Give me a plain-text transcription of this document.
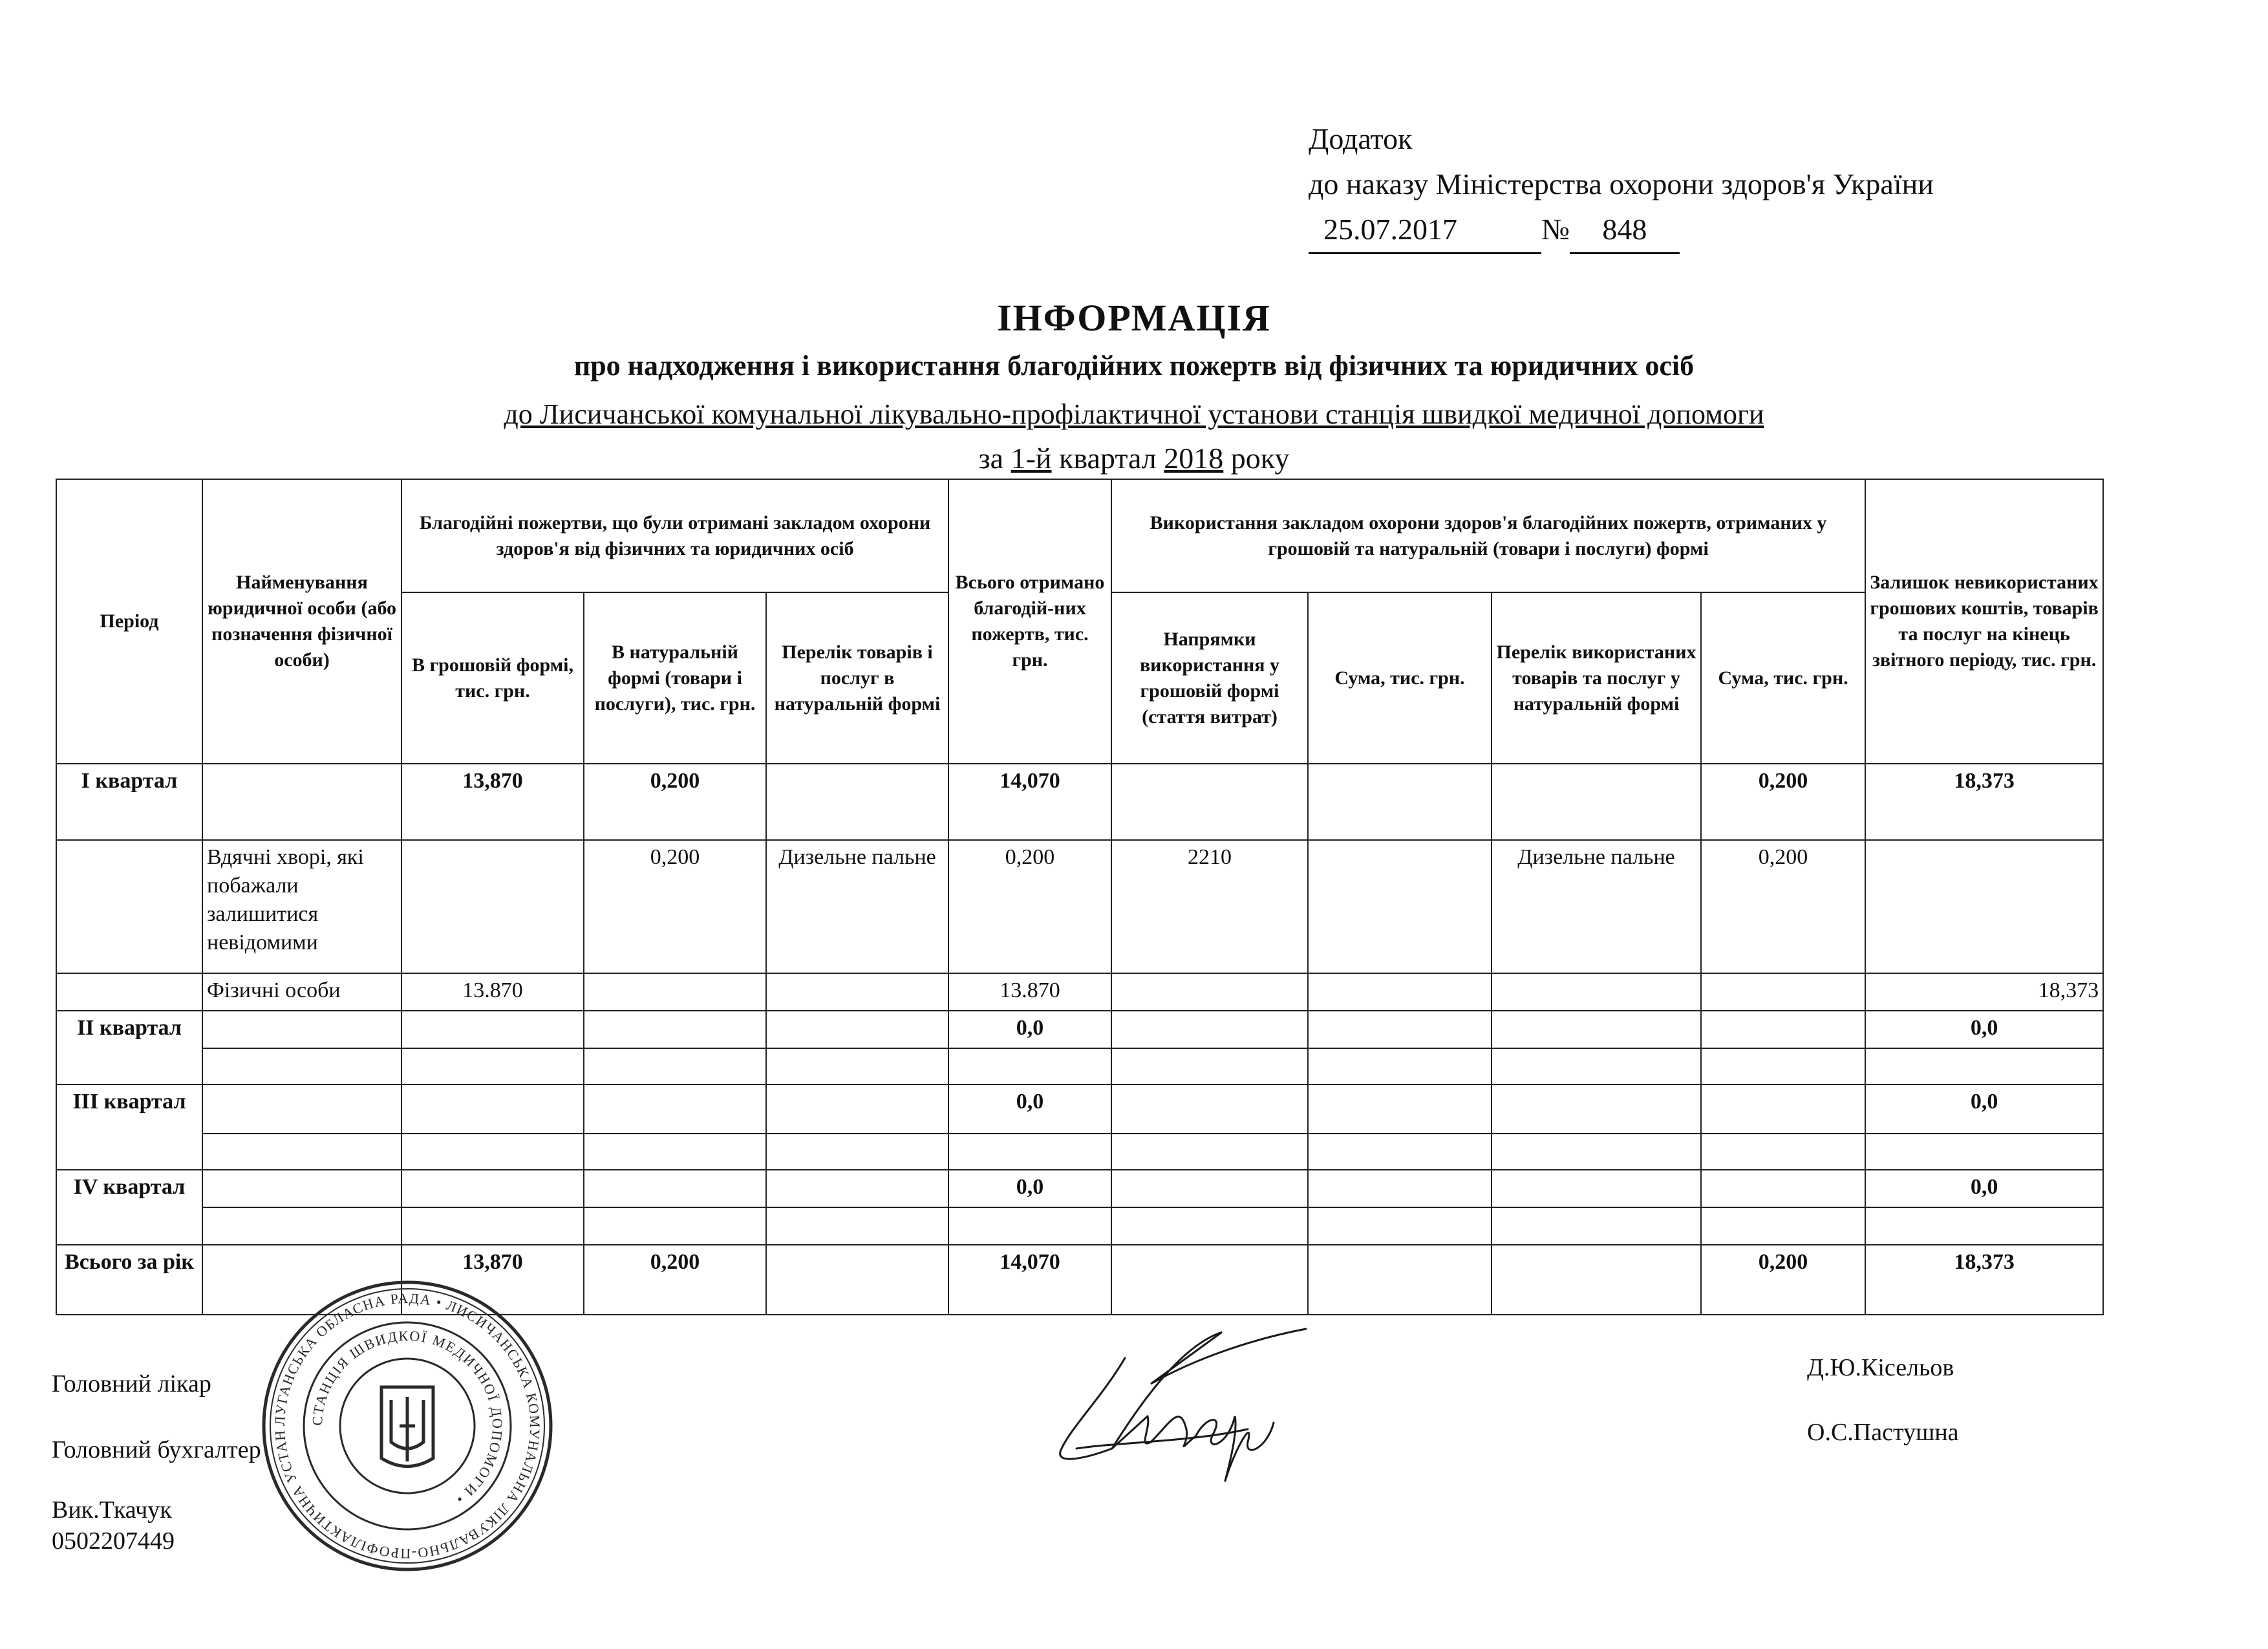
Додаток
до наказу Міністерства охорони здоров'я України
25.07.2017	№ 848
ІНФОРМАЦІЯ
про надходження і використання благодійних пожертв від фізичних та юридичних осіб
до Лисичанської комунальної лікувально-профілактичної установи станція швидкої медичної допомоги
за 1-й квартал 2018 року
Період	Найменування юридичної особи (або позначення фізичної особи)	Благодійні пожертви, що були отримані закладом охорони здоров'я від фізичних та юридичних осіб			Всього отримано благодій-них пожертв, тис. грн.	Використання закладом охорони здоров'я благодійних пожертв, отриманих у грошовій та натуральній (товари і послуги) формі				Залишок невикористаних грошових коштів, товарів та послуг на кінець звітного періоду, тис. грн.
		В грошовій формі, тис. грн.	В натуральній формі (товари і послуги), тис. грн.	Перелік товарів і послуг в натуральній формі		Напрямки використання у грошовій формі (стаття витрат)	Сума, тис. грн.	Перелік використаних товарів та послуг у натуральній формі	Сума, тис. грн.	
I квартал		13,870	0,200		14,070				0,200	18,373
	Вдячні хворі, які побажали залишитися невідомими		0,200	Дизельне пальне	0,200	2210		Дизельне пальне	0,200	
	Фізичні особи	13.870			13.870					18,373
II квартал					0,0					0,0

III квартал					0,0					0,0

IV квартал					0,0					0,0

Всього за рік		13,870	0,200		14,070				0,200	18,373
Головний лікар
Головний бухгалтер
Вик.Ткачук
0502207449
Д.Ю.Кісельов
О.С.Пастушна
ЛУГАНСЬКА ОБЛАСНА РАДА • ЛИСИЧАНСЬКА КОМУНАЛЬНА ЛІКУВАЛЬНО-ПРОФІЛАКТИЧНА УСТАН
СТАНЦІЯ ШВИДКОЇ МЕДИЧНОЇ ДОПОМОГИ •
